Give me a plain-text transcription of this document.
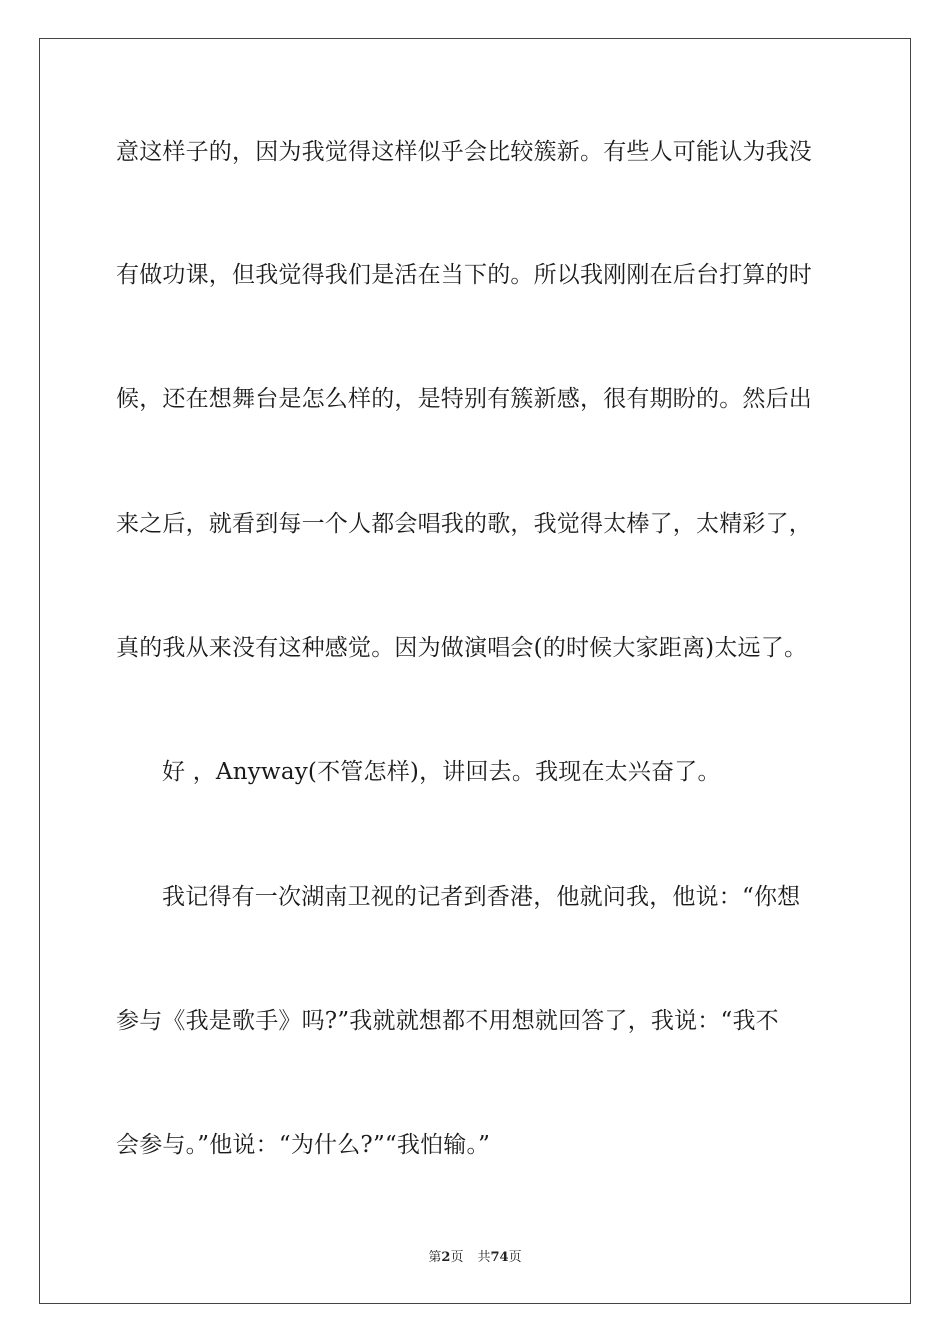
意这样子的，因为我觉得这样似乎会比较簇新。有些人可能认为我没
有做功课，但我觉得我们是活在当下的。所以我刚刚在后台打算的时
候，还在想舞台是怎么样的，是特别有簇新感，很有期盼的。然后出
来之后，就看到每一个人都会唱我的歌，我觉得太棒了，太精彩了，
真的我从来没有这种感觉。因为做演唱会(的时候大家距离)太远了。
好 ，Anyway(不管怎样)，讲回去。我现在太兴奋了。
我记得有一次湖南卫视的记者到香港，他就问我，他说：“你想
参与《我是歌手》吗?”我就就想都不用想就回答了，我说：“我不
会参与。”他说：“为什么?”“我怕输。”
第2页 共74页
